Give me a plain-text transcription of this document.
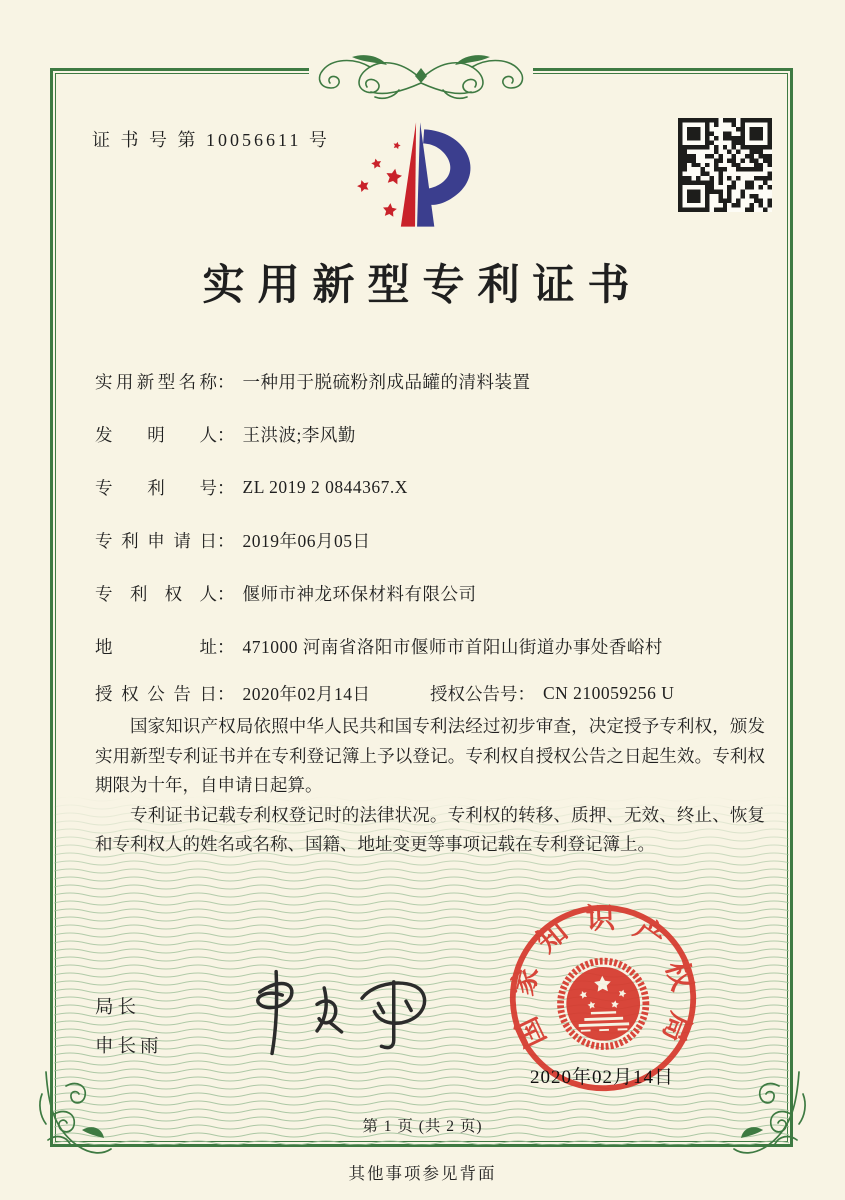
证 书 号 第 10056611 号
实用新型专利证书
实用新型名称 ： 一种用于脱硫粉剂成品罐的清料装置
发明人 ： 王洪波;李风勤
专利号 ： ZL 2019 2 0844367.X
专利申请日 ： 2019年06月05日
专利权人 ： 偃师市神龙环保材料有限公司
地址 ： 471000 河南省洛阳市偃师市首阳山街道办事处香峪村
授权公告日 ： 2020年02月14日	授权公告号 ： CN 210059256 U

国家知识产权局依照中华人民共和国专利法经过初步审查，决定授予专利权，颁发实用新型专利证书并在专利登记簿上予以登记。专利权自授权公告之日起生效。专利权期限为十年，自申请日起算。

专利证书记载专利权登记时的法律状况。专利权的转移、质押、无效、终止、恢复和专利权人的姓名或名称、国籍、地址变更等事项记载在专利登记簿上。

局长
申长雨	国家知识产权局
2020年02月14日
第 1 页 (共 2 页)
其他事项参见背面
